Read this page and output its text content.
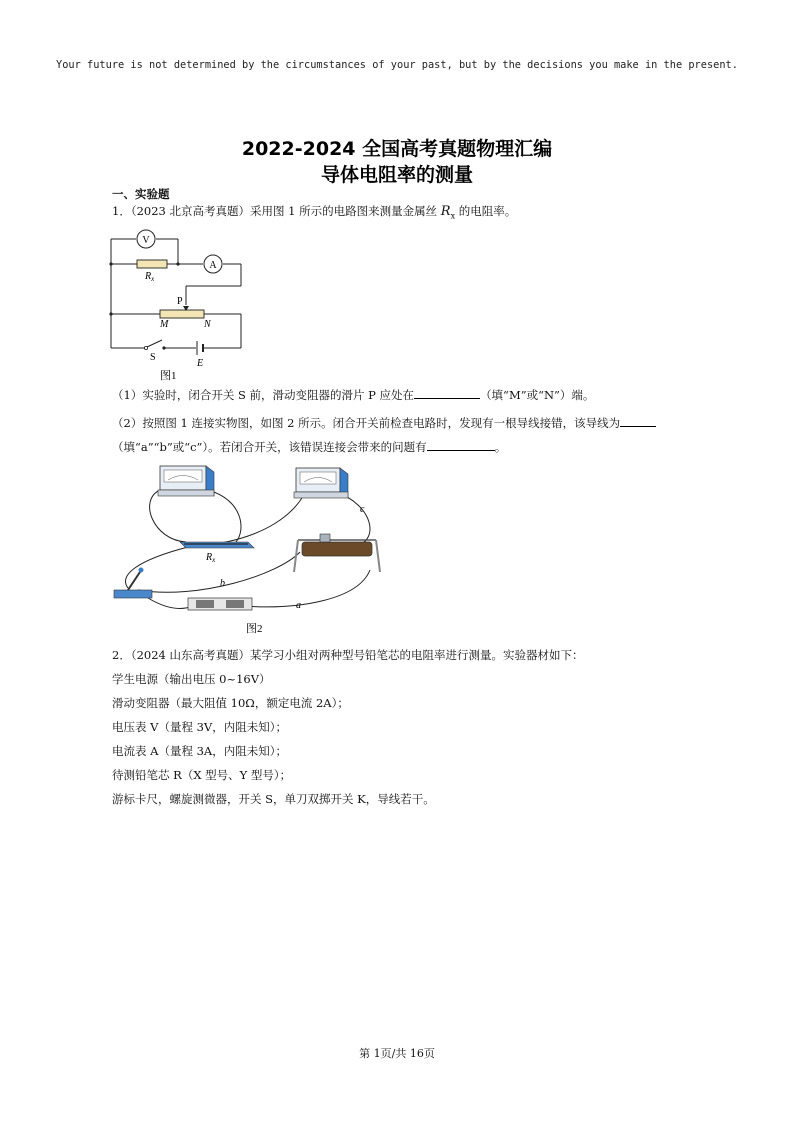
Your future is not determined by the circumstances of your past, but by the decisions you make in the present.
2022-2024 全国高考真题物理汇编
导体电阻率的测量
一、实验题
1．（2023 北京高考真题）采用图 1 所示的电路图来测量金属丝 $R_x$ 的电阻率。
V
A
$R_x$
P
M	N
S
E
图1
（1）实验时，闭合开关 S 前，滑动变阻器的滑片 P 应处在	（填“M”或“N”）端。
（2）按照图 1 连接实物图，如图 2 所示。闭合开关前检查电路时，发现有一根导线接错，该导线为
（填“a”“b”或“c”）。若闭合开关，该错误连接会带来的问题有	。
c
$R_x$
b
a
图2
2．（2024 山东高考真题）某学习小组对两种型号铅笔芯的电阻率进行测量。实验器材如下：
学生电源（输出电压 0~16V）
滑动变阻器（最大阻值 10Ω，额定电流 2A）；
电压表 V（量程 3V，内阻未知）；
电流表 A（量程 3A，内阻未知）；
待测铅笔芯 R（X 型号、Y 型号）；
游标卡尺，螺旋测微器，开关 S，单刀双掷开关 K，导线若干。
第 1页/共 16页
